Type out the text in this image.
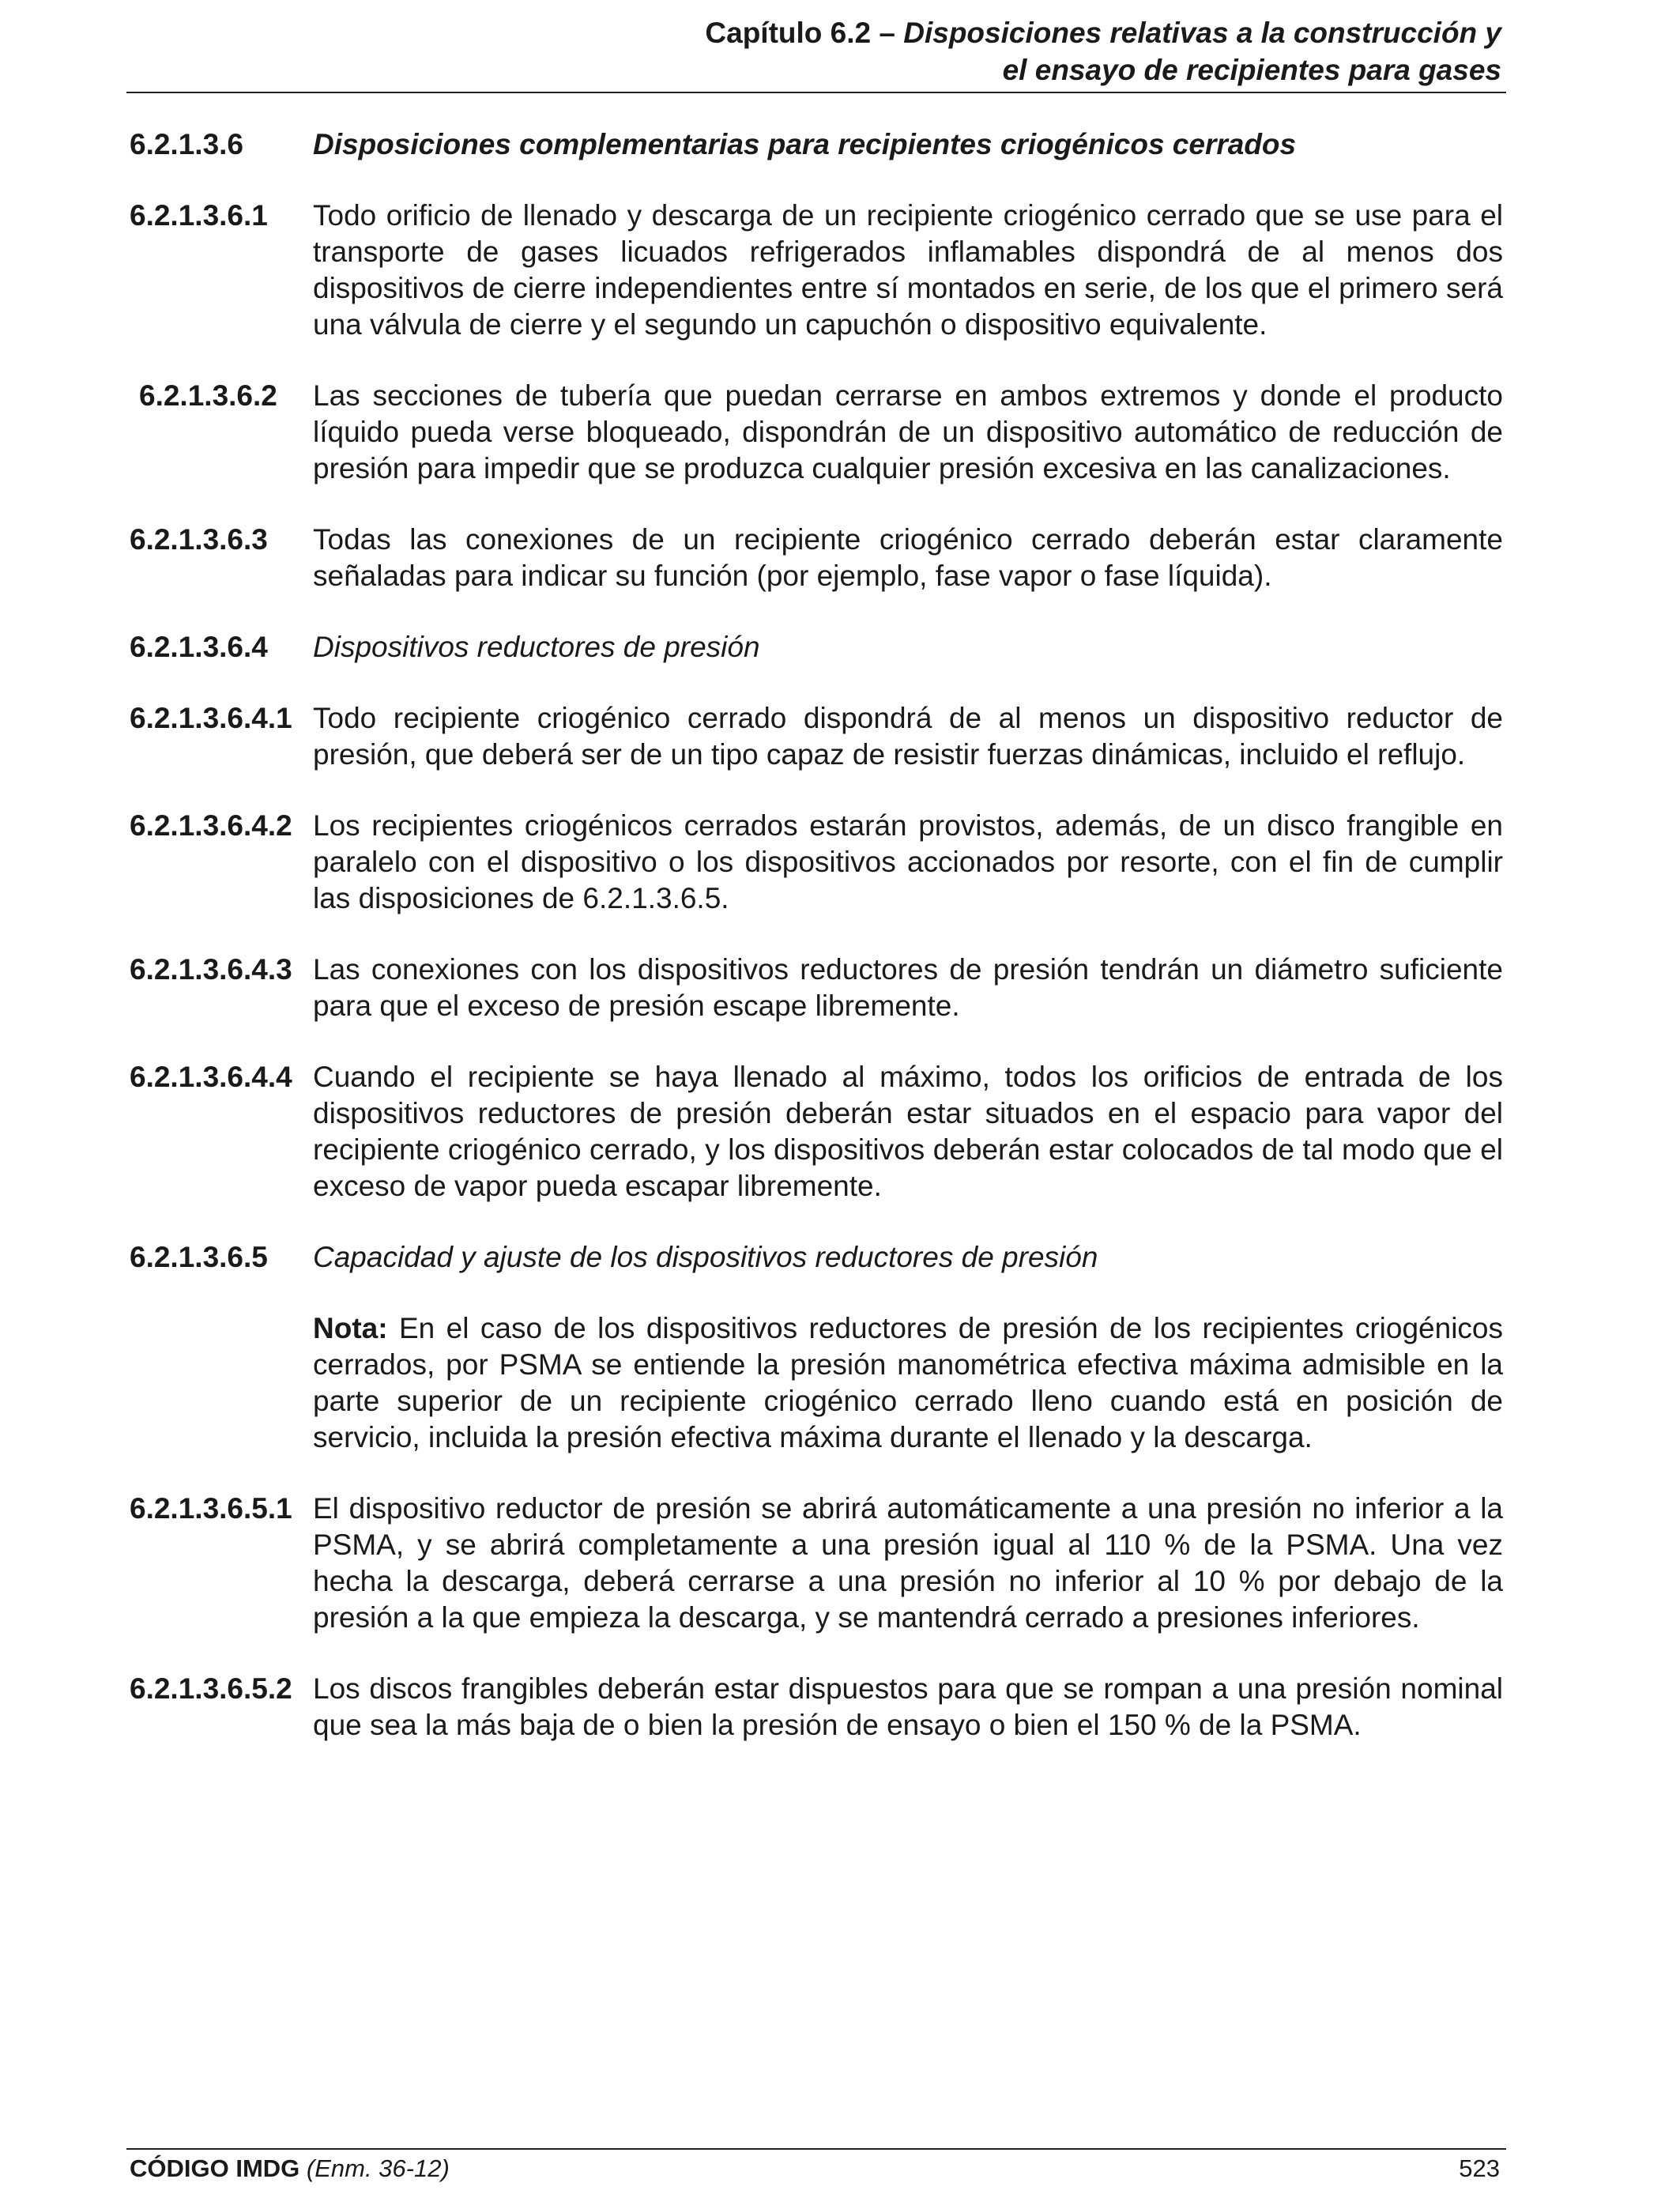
Capítulo 6.2 – Disposiciones relativas a la construcción y
el ensayo de recipientes para gases
6.2.1.3.6	Disposiciones complementarias para recipientes criogénicos cerrados
6.2.1.3.6.1	Todo orificio de llenado y descarga de un recipiente criogénico cerrado que se use para el transporte de gases licuados refrigerados inflamables dispondrá de al menos dos dispositivos de cierre independientes entre sí montados en serie, de los que el primero será una válvula de cierre y el segundo un capuchón o dispositivo equivalente.
6.2.1.3.6.2	Las secciones de tubería que puedan cerrarse en ambos extremos y donde el producto líquido pueda verse bloqueado, dispondrán de un dispositivo automático de reducción de presión para impedir que se produzca cualquier presión excesiva en las canalizaciones.
6.2.1.3.6.3	Todas las conexiones de un recipiente criogénico cerrado deberán estar claramente señaladas para indicar su función (por ejemplo, fase vapor o fase líquida).
6.2.1.3.6.4	Dispositivos reductores de presión
6.2.1.3.6.4.1 Todo recipiente criogénico cerrado dispondrá de al menos un dispositivo reductor de presión, que deberá ser de un tipo capaz de resistir fuerzas dinámicas, incluido el reflujo.
6.2.1.3.6.4.2 Los recipientes criogénicos cerrados estarán provistos, además, de un disco frangible en paralelo con el dispositivo o los dispositivos accionados por resorte, con el fin de cumplir las disposiciones de 6.2.1.3.6.5.
6.2.1.3.6.4.3 Las conexiones con los dispositivos reductores de presión tendrán un diámetro suficiente para que el exceso de presión escape libremente.
6.2.1.3.6.4.4 Cuando el recipiente se haya llenado al máximo, todos los orificios de entrada de los dispositivos reductores de presión deberán estar situados en el espacio para vapor del recipiente criogénico cerrado, y los dispositivos deberán estar colocados de tal modo que el exceso de vapor pueda escapar libremente.
6.2.1.3.6.5	Capacidad y ajuste de los dispositivos reductores de presión
Nota: En el caso de los dispositivos reductores de presión de los recipientes criogénicos cerrados, por PSMA se entiende la presión manométrica efectiva máxima admisible en la parte superior de un recipiente criogénico cerrado lleno cuando está en posición de servicio, incluida la presión efectiva máxima durante el llenado y la descarga.
6.2.1.3.6.5.1 El dispositivo reductor de presión se abrirá automáticamente a una presión no inferior a la PSMA, y se abrirá completamente a una presión igual al 110 % de la PSMA. Una vez hecha la descarga, deberá cerrarse a una presión no inferior al 10 % por debajo de la presión a la que empieza la descarga, y se mantendrá cerrado a presiones inferiores.
6.2.1.3.6.5.2 Los discos frangibles deberán estar dispuestos para que se rompan a una presión nominal que sea la más baja de o bien la presión de ensayo o bien el 150 % de la PSMA.
CÓDIGO IMDG (Enm. 36-12)	523
